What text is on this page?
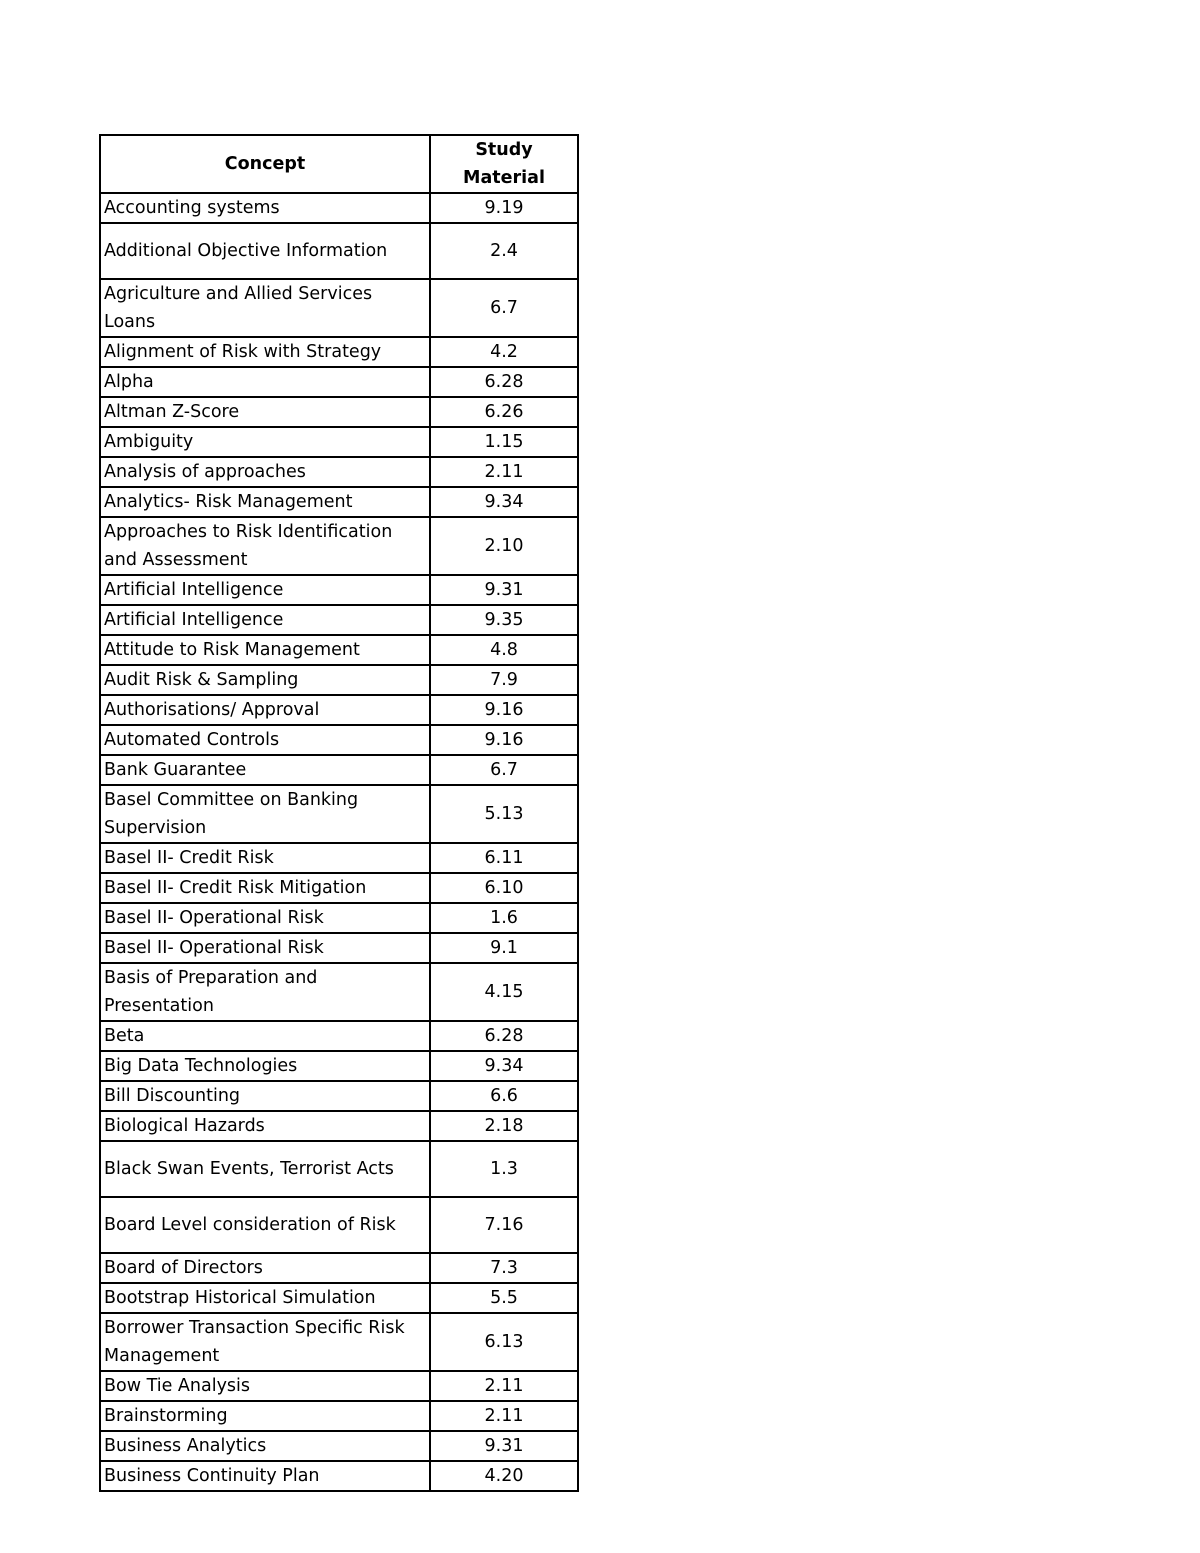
Concept	Study Material
Accounting systems	9.19
Additional Objective Information	2.4
Agriculture and Allied Services Loans	6.7
Alignment of Risk with Strategy	4.2
Alpha	6.28
Altman Z-Score	6.26
Ambiguity	1.15
Analysis of approaches	2.11
Analytics- Risk Management	9.34
Approaches to Risk Identification and Assessment	2.10
Artificial Intelligence	9.31
Artificial Intelligence	9.35
Attitude to Risk Management	4.8
Audit Risk & Sampling	7.9
Authorisations/ Approval	9.16
Automated Controls	9.16
Bank Guarantee	6.7
Basel Committee on Banking Supervision	5.13
Basel II- Credit Risk	6.11
Basel II- Credit Risk Mitigation	6.10
Basel II- Operational Risk	1.6
Basel II- Operational Risk	9.1
Basis of Preparation and Presentation	4.15
Beta	6.28
Big Data Technologies	9.34
Bill Discounting	6.6
Biological Hazards	2.18
Black Swan Events, Terrorist Acts	1.3
Board Level consideration of Risk	7.16
Board of Directors	7.3
Bootstrap Historical Simulation	5.5
Borrower Transaction Specific Risk Management	6.13
Bow Tie Analysis	2.11
Brainstorming	2.11
Business Analytics	9.31
Business Continuity Plan	4.20
